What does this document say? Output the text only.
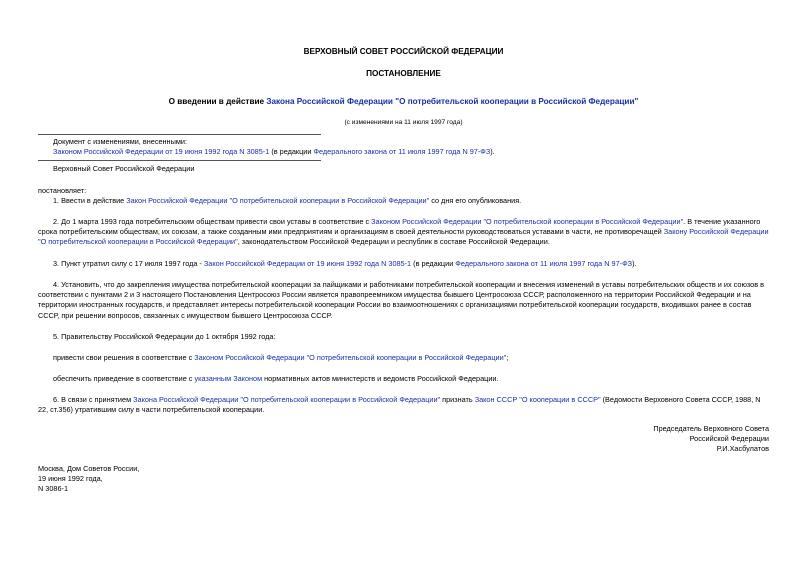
ВЕРХОВНЫЙ СОВЕТ РОССИЙСКОЙ ФЕДЕРАЦИИ
ПОСТАНОВЛЕНИЕ
О введении в действие Закона Российской Федерации "О потребительской кооперации в Российской Федерации"
(с изменениями на 11 июля 1997 года)
Документ с изменениями, внесенными:
Законом Российской Федерации от 19 июня 1992 года N 3085-1 (в редакции Федерального закона от 11 июля 1997 года N 97-ФЗ).
Верховный Совет Российской Федерации
постановляет:
1. Ввести в действие Закон Российской Федерации "О потребительской кооперации в Российской Федерации" со дня его опубликования.
2. До 1 марта 1993 года потребительским обществам привести свои уставы в соответствие с Законом Российской Федерации "О потребительской кооперации в Российской Федерации". В течение указанного срока потребительским обществам, их союзам, а также созданным ими предприятиям и организациям в своей деятельности руководствоваться уставами в части, не противоречащей Закону Российской Федерации "О потребительской кооперации в Российской Федерации", законодательством Российской Федерации и республик в составе Российской Федерации.
3. Пункт утратил силу с 17 июля 1997 года - Закон Российской Федерации от 19 июня 1992 года N 3085-1 (в редакции Федерального закона от 11 июля 1997 года N 97-ФЗ).
4. Установить, что до закрепления имущества потребительской кооперации за пайщиками и работниками потребительской кооперации и внесения изменений в уставы потребительских обществ и их союзов в соответствии с пунктами 2 и 3 настоящего Постановления Центросоюз России является правопреемником имущества бывшего Центросоюза СССР, расположенного на территории Российской Федерации и на территории иностранных государств, и представляет интересы потребительской кооперации России во взаимоотношениях с организациями потребительской кооперации государств, входивших ранее в состав СССР, при решении вопросов, связанных с имуществом бывшего Центросоюза СССР.
5. Правительству Российской Федерации до 1 октября 1992 года:
привести свои решения в соответствие с Законом Российской Федерации "О потребительской кооперации в Российской Федерации";
обеспечить приведение в соответствие с указанным Законом нормативных актов министерств и ведомств Российской Федерации.
6. В связи с принятием Закона Российской Федерации "О потребительской кооперации в Российской Федерации" признать Закон СССР "О кооперации в СССР" (Ведомости Верховного Совета СССР, 1988, N 22, ст.356) утратившим силу в части потребительской кооперации.
Председатель Верховного Совета
Российской Федерации
Р.И.Хасбулатов
Москва, Дом Советов России,
19 июня 1992 года,
N 3086-1
